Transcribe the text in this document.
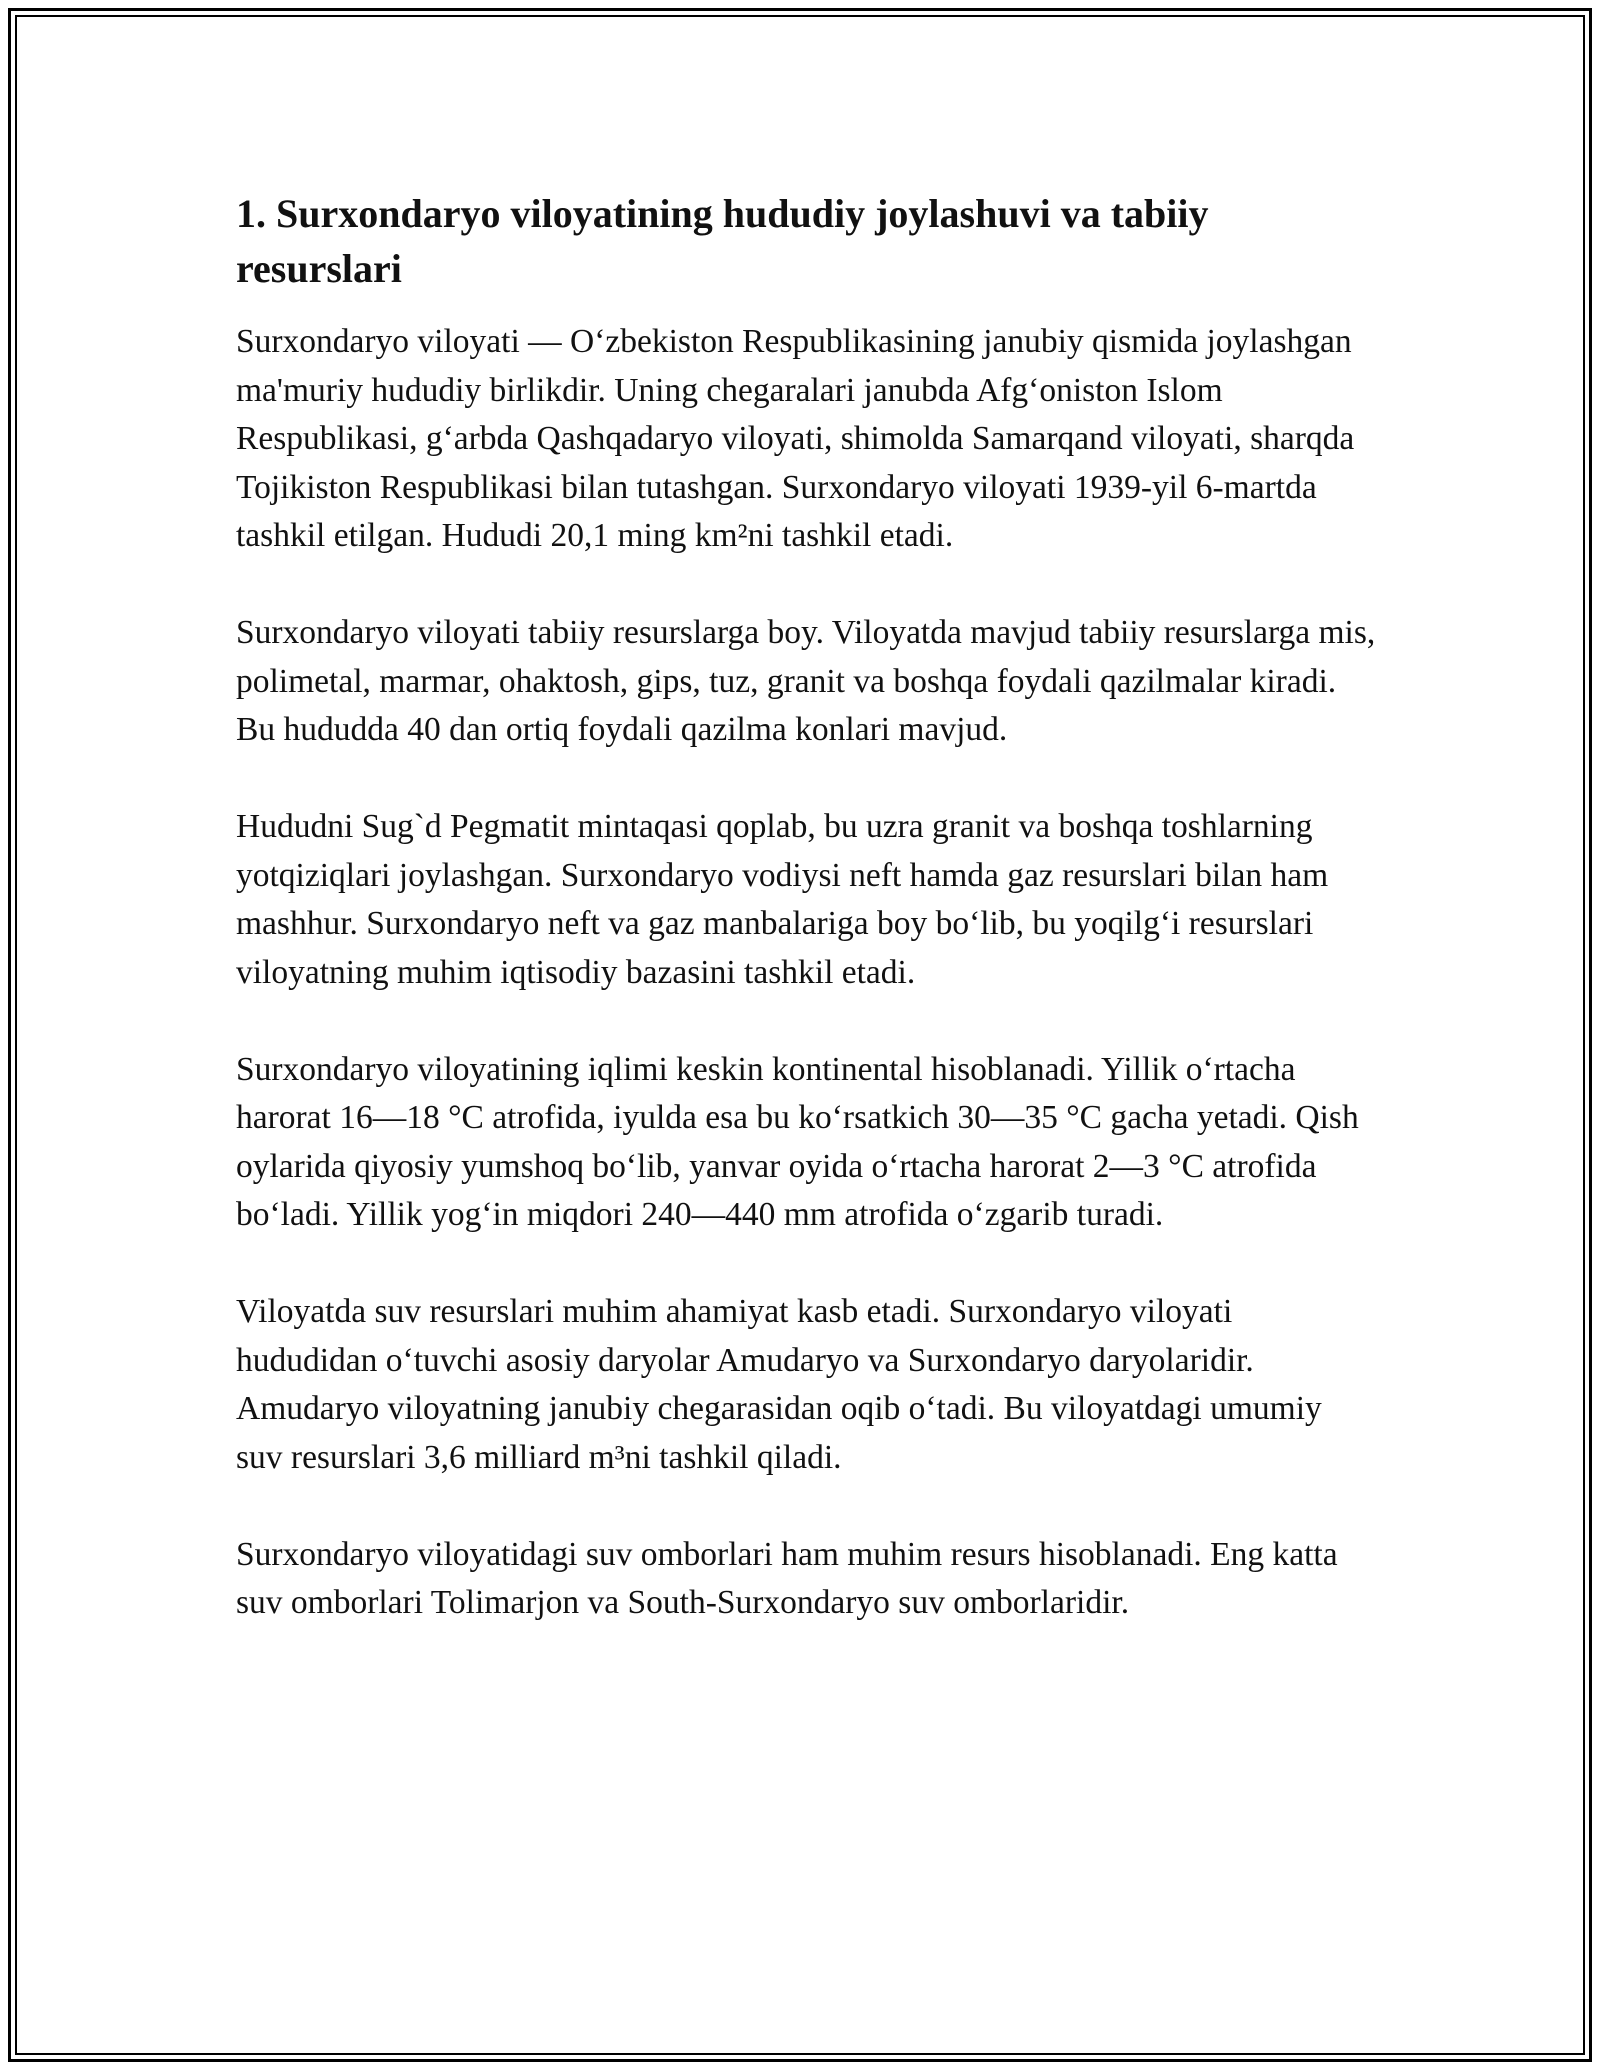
1. Surxondaryo viloyatining hududiy joylashuvi va tabiiy resurslari

Surxondaryo viloyati — O‘zbekiston Respublikasining janubiy qismida joylashgan ma'muriy hududiy birlikdir. Uning chegaralari janubda Afg‘oniston Islom Respublikasi, g‘arbda Qashqadaryo viloyati, shimolda Samarqand viloyati, sharqda Tojikiston Respublikasi bilan tutashgan. Surxondaryo viloyati 1939-yil 6-martda tashkil etilgan. Hududi 20,1 ming km²ni tashkil etadi.

Surxondaryo viloyati tabiiy resurslarga boy. Viloyatda mavjud tabiiy resurslarga mis, polimetal, marmar, ohaktosh, gips, tuz, granit va boshqa foydali qazilmalar kiradi. Bu hududda 40 dan ortiq foydali qazilma konlari mavjud.

Hududni Sug`d Pegmatit mintaqasi qoplab, bu uzra granit va boshqa toshlarning yotqiziqlari joylashgan. Surxondaryo vodiysi neft hamda gaz resurslari bilan ham mashhur. Surxondaryo neft va gaz manbalariga boy bo‘lib, bu yoqilg‘i resurslari viloyatning muhim iqtisodiy bazasini tashkil etadi.

Surxondaryo viloyatining iqlimi keskin kontinental hisoblanadi. Yillik o‘rtacha harorat 16—18 °C atrofida, iyulda esa bu ko‘rsatkich 30—35 °C gacha yetadi. Qish oylarida qiyosiy yumshoq bo‘lib, yanvar oyida o‘rtacha harorat 2—3 °C atrofida bo‘ladi. Yillik yog‘in miqdori 240—440 mm atrofida o‘zgarib turadi.

Viloyatda suv resurslari muhim ahamiyat kasb etadi. Surxondaryo viloyati hududidan o‘tuvchi asosiy daryolar Amudaryo va Surxondaryo daryolaridir. Amudaryo viloyatning janubiy chegarasidan oqib o‘tadi. Bu viloyatdagi umumiy suv resurslari 3,6 milliard m³ni tashkil qiladi.

Surxondaryo viloyatidagi suv omborlari ham muhim resurs hisoblanadi. Eng katta suv omborlari Tolimarjon va South-Surxondaryo suv omborlaridir.
